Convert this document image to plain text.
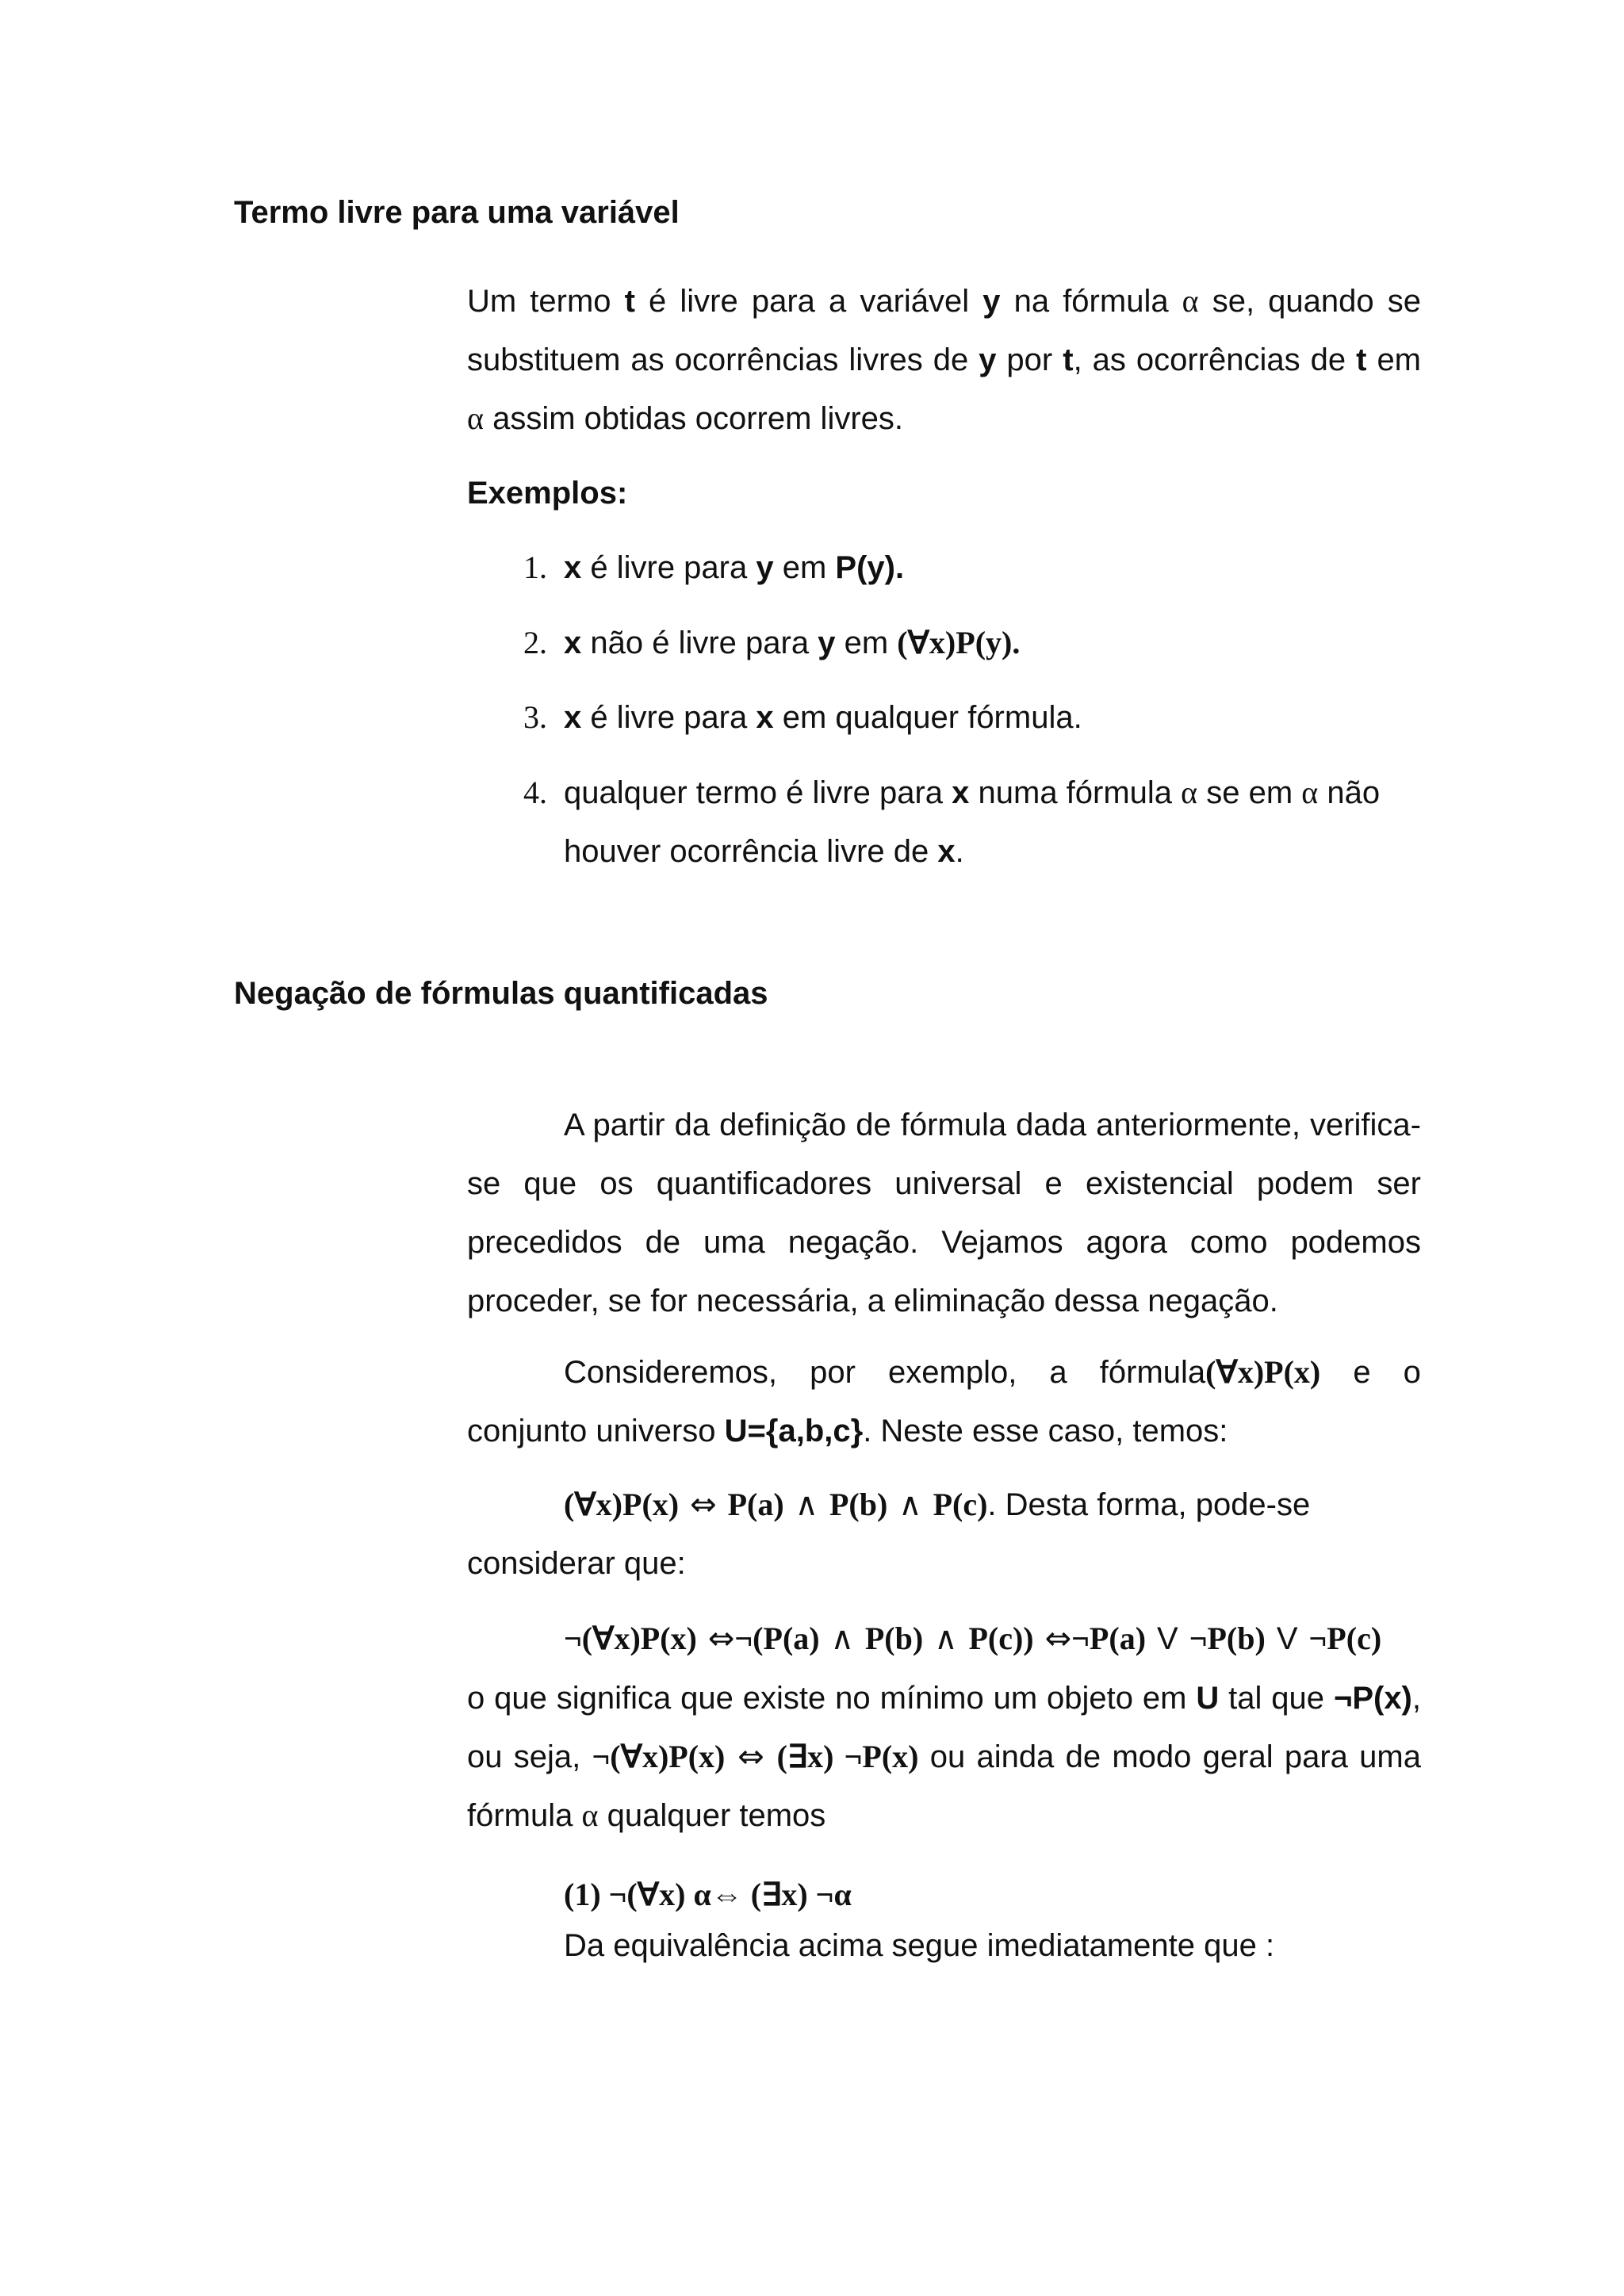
Termo livre para uma variável

Um termo t é livre para a variável y na fórmula α se, quando se substituem as ocorrências livres de y por t, as ocorrências de t em α assim obtidas ocorrem livres.

Exemplos:

1. x é livre para y em P(y).

2. x não é livre para y em (∀x)P(y).

3. x é livre para x em qualquer fórmula.

4. qualquer termo é livre para x numa fórmula α se em α não

houver ocorrência livre de x.

Negação de fórmulas quantificadas

A partir da definição de fórmula dada anteriormente, verifica-se que os quantificadores universal e existencial podem ser precedidos de uma negação. Vejamos agora como podemos proceder, se for necessária, a eliminação dessa negação.

Consideremos, por exemplo, a fórmula(∀x)P(x) e o

conjunto universo U={a,b,c}. Neste esse caso, temos:

(∀x)P(x) ⇔ P(a) ∧ P(b) ∧ P(c). Desta forma, pode-se

considerar que:

¬(∀x)P(x) ⇔¬(P(a) ∧ P(b) ∧ P(c)) ⇔¬P(a) V ¬P(b) V ¬P(c)

o que significa que existe no mínimo um objeto em U tal que ¬P(x), ou seja, ¬(∀x)P(x) ⇔ (∃x) ¬P(x) ou ainda de modo geral para uma fórmula α qualquer temos

(1) ¬(∀x) α⇔ (∃x) ¬α

Da equivalência acima segue imediatamente que :
